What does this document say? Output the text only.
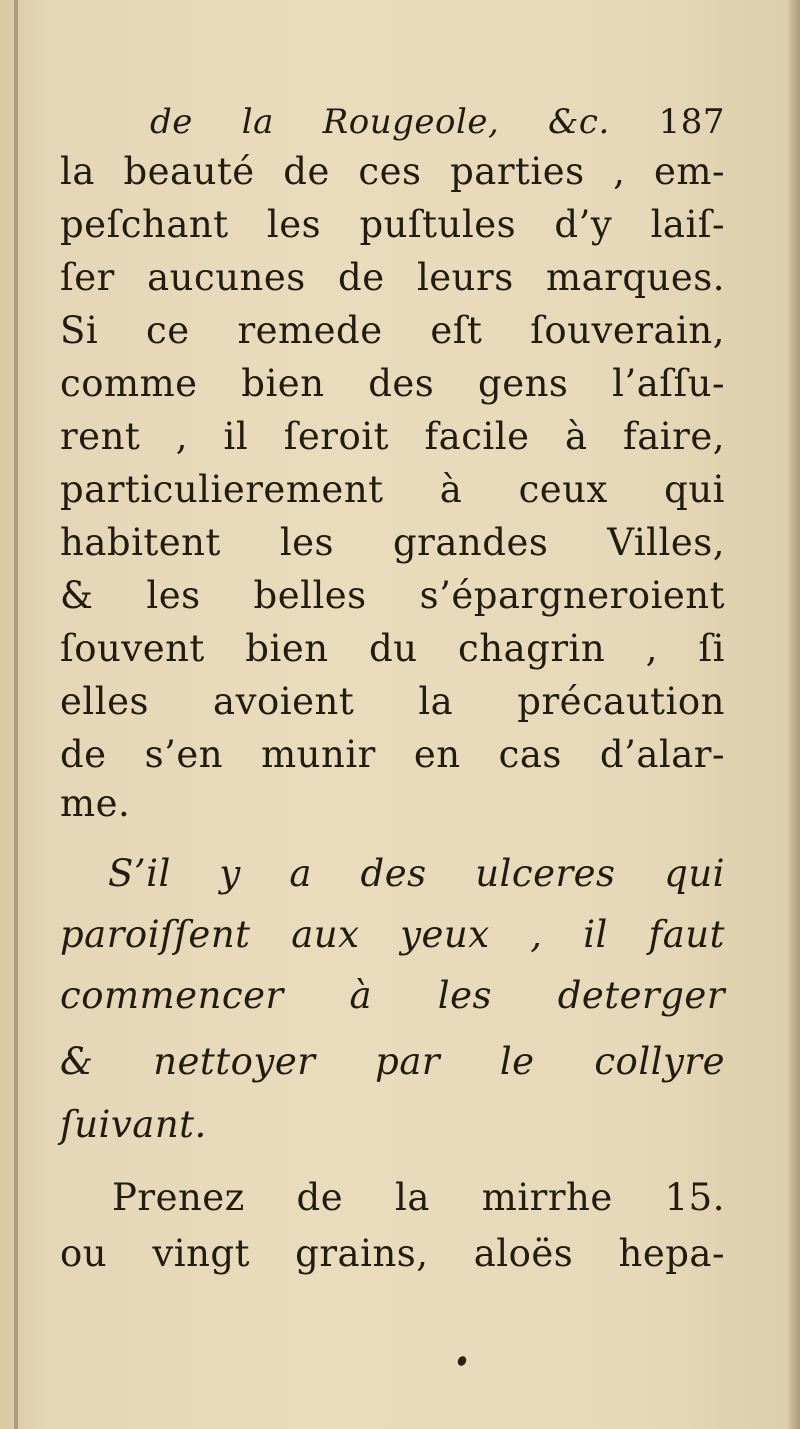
de la Rougeole, &c. 187
la beauté de ces parties , em-
peſchant les puſtules d’y laiſ-
ſer aucunes de leurs marques.
Si ce remede eſt ſouverain,
comme bien des gens l’aſſu-
rent , il ſeroit facile à faire,
particulierement à ceux qui
habitent les grandes Villes,
& les belles s’épargneroient
ſouvent bien du chagrin , ſi
elles avoient la précaution
de s’en munir en cas d’alar-
me.
S’il y a des ulceres qui
paroiſſent aux yeux , il faut
commencer à les deterger
& nettoyer par le collyre
ſuivant.
Prenez de la mirrhe 15.
ou vingt grains, aloës hepa-
